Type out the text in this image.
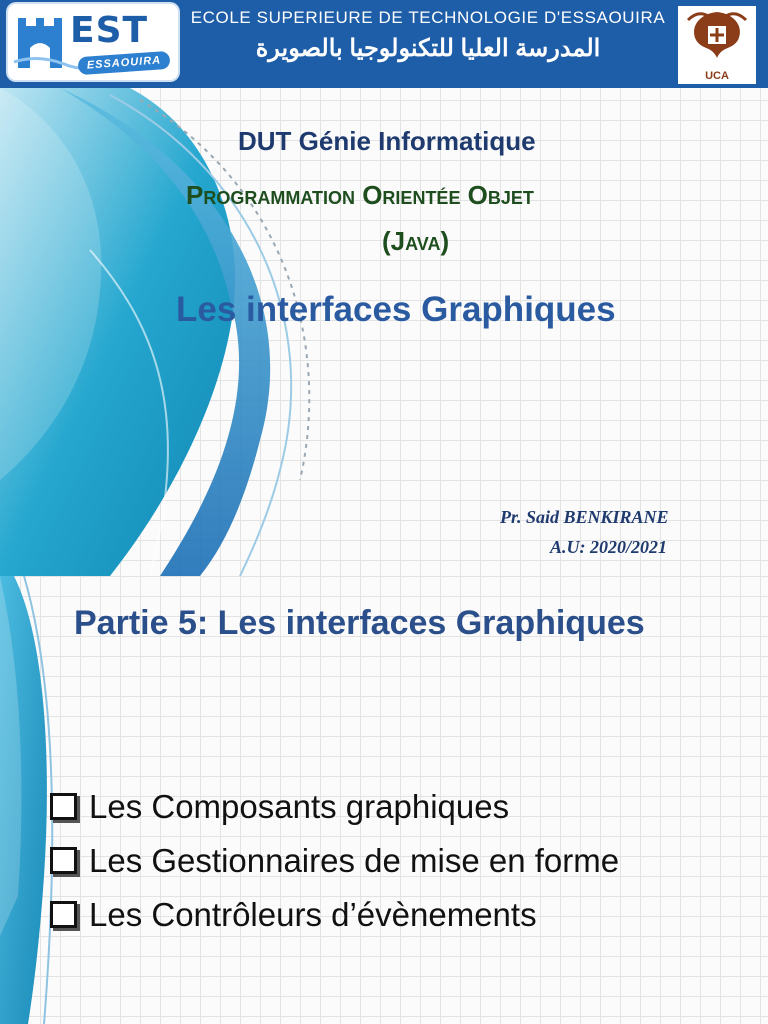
EST
ESSAOUIRA
ECOLE SUPERIEURE DE TECHNOLOGIE D'ESSAOUIRA
المدرسة العليا للتكنولوجيا بالصويرة
UCA
DUT Génie Informatique
Programmation Orientée Objet
(Java)
Les interfaces Graphiques
Pr. Said BENKIRANE
A.U: 2020/2021
Partie 5: Les interfaces Graphiques
Les Composants graphiques
Les Gestionnaires de mise en forme
Les Contrôleurs d’évènements
